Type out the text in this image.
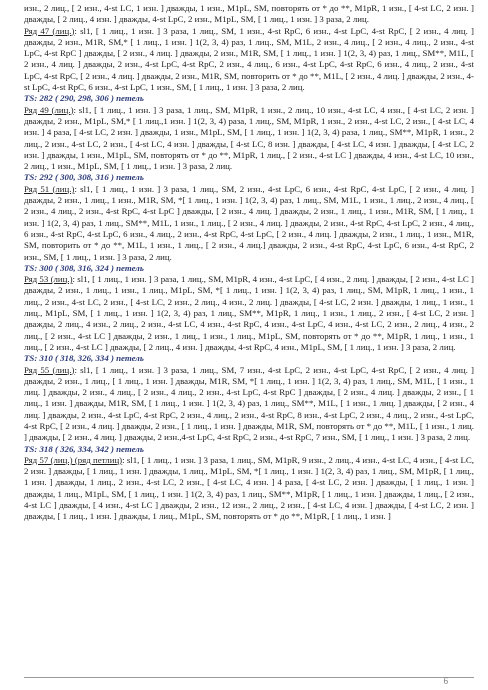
изн., 2 лиц., [ 2 изн., 4-st LC, 1 изн. ] дважды, 1 изн., M1pL, SM, повторять от * до **, M1pR, 1 изн., [ 4-st LC, 2 изн. ] дважды, [ 2 лиц., 4 изн. ] дважды, 4-st LpC, 2 изн., M1pL, SM, [ 1 лиц., 1 изн. ] 3 раза, 2 лиц.

Ряд 47 (лиц.): sl1, [ 1 лиц., 1 изн. ] 3 раза, 1 лиц., SM, 1 изн., 4-st RpC, 6 изн., 4-st LpC, 4-st RpC, [ 2 изн., 4 лиц. ] дважды, 2 изн., M1R, SM,* [ 1 лиц., 1 изн. ] 1(2, 3, 4) раз, 1 лиц., SM, M1L, 2 изн., 4 лиц., [ 2 изн., 4 лиц., 2 изн., 4-st LpC, 4-st RpC ] дважды, [ 2 изн., 4 лиц. ] дважды, 2 изн., M1R, SM, [ 1 лиц., 1 изн. ] 1(2, 3, 4) раз, 1 лиц., SM**, M1L, [ 2 изн., 4 лиц. ] дважды, 2 изн., 4-st LpC, 4-st RpC, 2 изн., 4 лиц., 6 изн., 4-st LpC, 4-st RpC, 6 изн., 4 лиц., 2 изн., 4-st LpC, 4-st RpC, [ 2 изн., 4 лиц. ] дважды, 2 изн., M1R, SM, повторить от * до **, M1L, [ 2 изн., 4 лиц. ] дважды, 2 изн., 4-st LpC, 4-st RpC, 6 изн., 4-st LpC, 1 изн., SM, [ 1 лиц., 1 изн. ] 3 раза, 2 лиц.

TS: 282 ( 290, 298, 306 ) петель

Ряд 49 (лиц.): sl1, [ 1 лиц., 1 изн. ] 3 раза, 1 лиц., SM, M1pR, 1 изн., 2 лиц., 10 изн., 4-st LC, 4 изн., [ 4-st LC, 2 изн. ] дважды, 2 изн., M1pL, SM,* [ 1 лиц.,1 изн. ] 1(2, 3, 4) раза, 1 лиц., SM, M1pR, 1 изн., 2 изн., 4-st LC, 2 изн., [ 4-st LC, 4 изн. ] 4 раза, [ 4-st LC, 2 изн. ] дважды, 1 изн., M1pL, SM, [ 1 лиц., 1 изн. ] 1(2, 3, 4) раза, 1 лиц., SM**, M1pR, 1 изн., 2 лиц., 2 изн., 4-st LC, 2 изн., [ 4-st LC, 4 изн. ] дважды, [ 4-st LC, 8 изн. ] дважды, [ 4-st LC, 4 изн. ] дважды, [ 4-st LC, 2 изн. ] дважды, 1 изн., M1pL, SM, повторять от * до **, M1pR, 1 лиц., [ 2 изн., 4-st LC ] дважды, 4 изн., 4-st LC, 10 изн., 2 лиц., 1 изн., M1pL, SM, [ 1 лиц., 1 изн. ] 3 раза, 2 лиц.

TS: 292 ( 300, 308, 316 ) петель

Ряд 51 (лиц.): sl1, [ 1 лиц., 1 изн. ] 3 раза, 1 лиц., SM, 2 изн., 4-st LpC, 6 изн., 4-st RpC, 4-st LpC, [ 2 изн., 4 лиц. ] дважды, 2 изн., 1 лиц., 1 изн., M1R, SM, *[ 1 лиц., 1 изн. ] 1(2, 3, 4) раз, 1 лиц., SM, M1L, 1 изн., 1 лиц., 2 изн., 4 лиц., [ 2 изн., 4 лиц., 2 изн., 4-st RpC, 4-st LpC ] дважды, [ 2 изн., 4 лиц. ] дважды, 2 изн., 1 лиц., 1 изн., M1R, SM, [ 1 лиц., 1 изн. ] 1(2, 3, 4) раз, 1 лиц., SM**, M1L, 1 изн., 1 лиц., [ 2 изн., 4 лиц. ] дважды, 2 изн., 4-st RpC, 4-st LpC, 2 изн., 4 лиц., 6 изн., 4-st RpC, 4-st LpC, 6 изн., 4 лиц., 2 изн., 4-st RpC, 4-st LpC, [ 2 изн., 4 лиц. ] дважды, 2 изн., 1 лиц., 1 изн., M1R, SM, повторить от * до **, M1L, 1 изн., 1 лиц., [ 2 изн., 4 лиц.] дважды, 2 изн., 4-st RpC, 4-st LpC, 6 изн., 4-st RpC, 2 изн., SM, [ 1 лиц., 1 изн. ] 3 раза, 2 лиц.

TS: 300 ( 308, 316, 324 ) петель

Ряд 53 (лиц.): sl1, [ 1 лиц., 1 изн. ] 3 раза, 1 лиц., SM, M1pR, 4 изн., 4-st LpC, [ 4 изн., 2 лиц. ] дважды, [ 2 изн., 4-st LC ] дважды, 2 изн., 1 лиц., 1 изн., 1 лиц., M1pL, SM, *[ 1 лиц., 1 изн. ] 1(2, 3, 4) раз, 1 лиц., SM, M1pR, 1 лиц., 1 изн., 1 лиц., 2 изн., 4-st LC, 2 изн., [ 4-st LC, 2 изн., 2 лиц., 4 изн., 2 лиц. ] дважды, [ 4-st LC, 2 изн. ] дважды, 1 лиц., 1 изн., 1 лиц., M1pL, SM, [ 1 лиц., 1 изн. ] 1(2, 3, 4) раз, 1 лиц., SM**, M1pR, 1 лиц., 1 изн., 1 лиц., 2 изн., [ 4-st LC, 2 изн. ] дважды, 2 лиц., 4 изн., 2 лиц., 2 изн., 4-st LC, 4 изн., 4-st RpC, 4 изн., 4-st LpC, 4 изн., 4-st LC, 2 изн., 2 лиц., 4 изн., 2 лиц., [ 2 изн., 4-st LC ] дважды, 2 изн., 1 лиц., 1 изн., 1 лиц., M1pL, SM, повторять от * до **, M1pR, 1 лиц., 1 изн., 1 лиц., [ 2 изн., 4-st LC ] дважды, [ 2 лиц., 4 изн. ] дважды, 4-st RpC, 4 изн., M1pL, SM, [ 1 лиц., 1 изн. ] 3 раза, 2 лиц.

TS: 310 ( 318, 326, 334 ) петель

Ряд 55 (лиц.): sl1, [ 1 лиц., 1 изн. ] 3 раза, 1 лиц., SM, 7 изн., 4-st LpC, 2 изн., 4-st LpC, 4-st RpC, [ 2 изн., 4 лиц. ] дважды, 2 изн., 1 лиц., [ 1 лиц., 1 изн. ] дважды, M1R, SM, *[ 1 лиц., 1 изн. ] 1(2, 3, 4) раз, 1 лиц., SM, M1L, [ 1 изн., 1 лиц. ] дважды, 2 изн., 4 лиц., [ 2 изн., 4 лиц., 2 изн., 4-st LpC, 4-st RpC ] дважды, [ 2 изн., 4 лиц. ] дважды, 2 изн., [ 1 лиц., 1 изн. ] дважды, M1R, SM, [ 1 лиц., 1 изн. ] 1(2, 3, 4) раз, 1 лиц., SM**, M1L, [ 1 изн., 1 лиц. ] дважды, [ 2 изн., 4 лиц. ] дважды, 2 изн., 4-st LpC, 4-st RpC, 2 изн., 4 лиц., 2 изн., 4-st RpC, 8 изн., 4-st LpC, 2 изн., 4 лиц., 2 изн., 4-st LpC, 4-st RpC, [ 2 изн., 4 лиц. ] дважды, 2 изн., [ 1 лиц., 1 изн. ] дважды, M1R, SM, повторять от * до **, M1L, [ 1 изн., 1 лиц. ] дважды, [ 2 изн., 4 лиц. ] дважды, 2 изн.,4-st LpC, 4-st RpC, 2 изн., 4-st RpC, 7 изн., SM, [ 1 лиц., 1 изн. ] 3 раза, 2 лиц.

TS: 318 ( 326, 334, 342 ) петель

Ряд 57 (лиц.) (ряд петлиц): sl1, [ 1 лиц., 1 изн. ] 3 раза, 1 лиц., SM, M1pR, 9 изн., 2 лиц., 4 изн., 4-st LC, 4 изн., [ 4-st LC, 2 изн. ] дважды, [ 1 лиц., 1 изн. ] дважды, 1 лиц., M1pL, SM, *[ 1 лиц., 1 изн. ] 1(2, 3, 4) раз, 1 лиц., SM, M1pR, [ 1 лиц., 1 изн. ] дважды, 1 лиц., 2 изн., 4-st LC, 2 изн., [ 4-st LC, 4 изн. ] 4 раза, [ 4-st LC, 2 изн. ] дважды, [ 1 лиц., 1 изн. ] дважды, 1 лиц., M1pL, SM, [ 1 лиц., 1 изн. ] 1(2, 3, 4) раз, 1 лиц., SM**, M1pR, [ 1 лиц., 1 изн. ] дважды, 1 лиц., [ 2 изн., 4-st LC ] дважды, [ 4 изн., 4-st LC ] дважды, 2 изн., 12 изн., 2 лиц., 2 изн., [ 4-st LC, 4 изн. ] дважды, [ 4-st LC, 2 изн. ] дважды, [ 1 лиц., 1 изн. ] дважды, 1 лиц., M1pL, SM, повторять от * до **, M1pR, [ 1 лиц., 1 изн. ]

6
